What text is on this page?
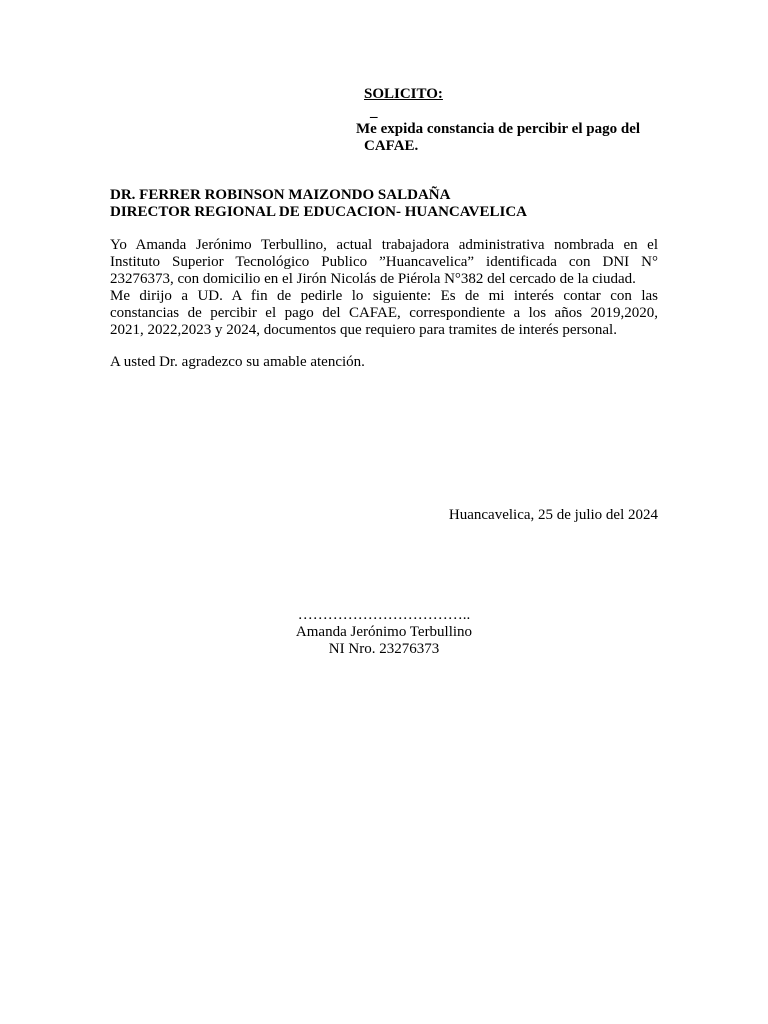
SOLICITO:
_
Me expida constancia de percibir el pago del
CAFAE.
DR. FERRER ROBINSON MAIZONDO SALDAÑA
DIRECTOR REGIONAL DE EDUCACION- HUANCAVELICA
Yo Amanda Jerónimo Terbullino, actual trabajadora administrativa nombrada en el
Instituto Superior Tecnológico Publico ”Huancavelica” identificada con DNI N°
23276373, con domicilio en el Jirón Nicolás de Piérola N°382 del cercado de la ciudad.
Me dirijo a UD. A fin de pedirle lo siguiente: Es de mi interés contar con las
constancias de percibir el pago del CAFAE, correspondiente a los años 2019,2020,
2021, 2022,2023 y 2024, documentos que requiero para tramites de interés personal.
A usted Dr. agradezco su amable atención.
Huancavelica, 25 de julio del 2024
……………………………..
Amanda Jerónimo Terbullino
NI Nro. 23276373
